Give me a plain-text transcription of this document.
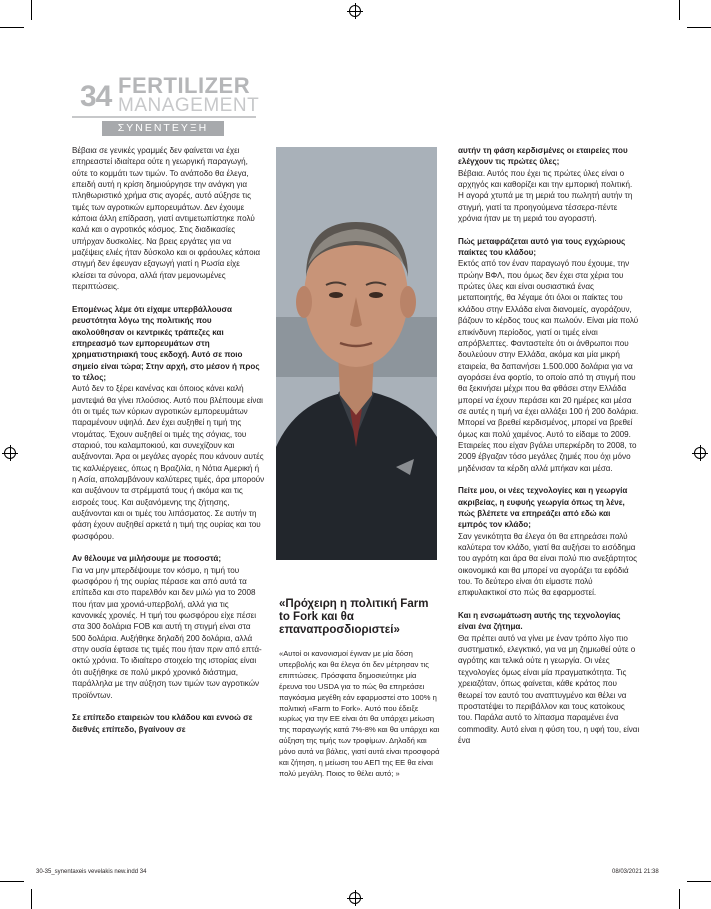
34 FERTILIZER
MANAGEMENT
ΣΥΝΕΝΤΕΥΞΗ

Βέβαια σε γενικές γραμμές δεν φαίνεται να έχει επηρεαστεί ιδιαίτερα ούτε η γεωργική παραγωγή, ούτε το κομμάτι των τιμών. Το ανάποδο θα έλεγα, επειδή αυτή η κρίση δημιούργησε την ανάγκη για πληθωριστικό χρήμα στις αγορές, αυτό αύξησε τις τιμές των αγροτικών εμπορευμάτων. Δεν έχουμε κάποια άλλη επίδραση, γιατί αντιμετωπίστηκε πολύ καλά και ο αγροτικός κόσμος. Στις διαδικασίες υπήρχαν δυσκολίες. Να βρεις εργάτες για να μαζέψεις ελιές ήταν δύσκολο και οι φράουλες κάποια στιγμή δεν έφευγαν εξαγωγή γιατί η Ρωσία είχε κλείσει τα σύνορα, αλλά ήταν μεμονωμένες περιπτώσεις.

Επομένως λέμε ότι είχαμε υπερβάλλουσα ρευστότητα λόγω της πολιτικής που ακολούθησαν οι κεντρικές τράπεζες και επηρεασμό των εμπορευμάτων στη χρηματιστηριακή τους εκδοχή. Αυτό σε ποιο σημείο είναι τώρα; Στην αρχή, στο μέσον ή προς το τέλος;
Αυτό δεν το ξέρει κανένας και όποιος κάνει καλή μαντεψιά θα γίνει πλούσιος. Αυτό που βλέπουμε είναι ότι οι τιμές των κύριων αγροτικών εμπορευμάτων παραμένουν υψηλά. Δεν έχει αυξηθεί η τιμή της ντομάτας. Έχουν αυξηθεί οι τιμές της σόγιας, του σταριού, του καλαμποκιού, και συνεχίζουν και αυξάνονται. Άρα οι μεγάλες αγορές που κάνουν αυτές τις καλλιέργειες, όπως η Βραζιλία, η Νότια Αμερική ή η Ασία, απολαμβάνουν καλύτερες τιμές, άρα μπορούν και αυξάνουν τα στρέμματά τους ή ακόμα και τις εισροές τους. Και αυξανόμενης της ζήτησης, αυξάνονται και οι τιμές του λιπάσματος. Σε αυτήν τη φάση έχουν αυξηθεί αρκετά η τιμή της ουρίας και του φωσφόρου.

Αν θέλουμε να μιλήσουμε με ποσοστά;
Για να μην μπερδέψουμε τον κόσμο, η τιμή του φωσφόρου ή της ουρίας πέρασε και από αυτά τα επίπεδα και στο παρελθόν και δεν μιλώ για το 2008 που ήταν μια χρονιά-υπερβολή, αλλά για τις κανονικές χρονιές. Η τιμή του φωσφόρου είχε πέσει στα 300 δολάρια FOB και αυτή τη στιγμή είναι στα 500 δολάρια. Αυξήθηκε δηλαδή 200 δολάρια, αλλά στην ουσία έφτασε τις τιμές που ήταν πριν από επτά-οκτώ χρόνια. Το ιδιαίτερο στοιχείο της ιστορίας είναι ότι αυξήθηκε σε πολύ μικρό χρονικό διάστημα, παράλληλα με την αύξηση των τιμών των αγροτικών προϊόντων.

Σε επίπεδο εταιρειών του κλάδου και εννοώ σε διεθνές επίπεδο, βγαίνουν σε

«Πρόχειρη η πολιτική Farm to Fork και θα επαναπροσδιοριστεί»
«Αυτοί οι κανονισμοί έγιναν με μία δόση υπερβολής και θα έλεγα ότι δεν μέτρησαν τις επιπτώσεις. Πρόσφατα δημοσιεύτηκε μία έρευνα του USDA για το πώς θα επηρεάσει παγκόσμια μεγέθη εάν εφαρμοστεί στο 100% η πολιτική «Farm to Fork». Αυτό που έδειξε κυρίως για την ΕΕ είναι ότι θα υπάρχει μείωση της παραγωγής κατά 7%-8% και θα υπάρχει και αύξηση της τιμής των τροφίμων. Δηλαδή και μόνο αυτά να βάλεις, γιατί αυτά είναι προσφορά και ζήτηση, η μείωση του ΑΕΠ της ΕΕ θα είναι πολύ μεγάλη. Ποιος το θέλει αυτό; »

αυτήν τη φάση κερδισμένες οι εταιρείες που ελέγχουν τις πρώτες ύλες;
Βέβαια. Αυτός που έχει τις πρώτες ύλες είναι ο αρχηγός και καθορίζει και την εμπορική πολιτική. Η αγορά χτυπά με τη μεριά του πωλητή αυτήν τη στιγμή, γιατί τα προηγούμενα τέσσερα-πέντε χρόνια ήταν με τη μεριά του αγοραστή.

Πώς μεταφράζεται αυτό για τους εγχώριους παίκτες του κλάδου;
Εκτός από τον έναν παραγωγό που έχουμε, την πρώην ΒΦΛ, που όμως δεν έχει στα χέρια του πρώτες ύλες και είναι ουσιαστικά ένας μεταποιητής, θα λέγαμε ότι όλοι οι παίκτες του κλάδου στην Ελλάδα είναι διανομείς, αγοράζουν, βάζουν το κέρδος τους και πωλούν. Είναι μία πολύ επικίνδυνη περίοδος, γιατί οι τιμές είναι απρόβλεπτες. Φανταστείτε ότι οι άνθρωποι που δουλεύουν στην Ελλάδα, ακόμα και μία μικρή εταιρεία, θα δαπανήσει 1.500.000 δολάρια για να αγοράσει ένα φορτίο, το οποίο από τη στιγμή που θα ξεκινήσει μέχρι που θα φθάσει στην Ελλάδα μπορεί να έχουν περάσει και 20 ημέρες και μέσα σε αυτές η τιμή να έχει αλλάξει 100 ή 200 δολάρια. Μπορεί να βρεθεί κερδισμένος, μπορεί να βρεθεί όμως και πολύ χαμένος. Αυτό το είδαμε το 2009. Εταιρείες που είχαν βγάλει υπερκέρδη το 2008, το 2009 έβγαζαν τόσο μεγάλες ζημιές που όχι μόνο μηδένισαν τα κέρδη αλλά μπήκαν και μέσα.

Πείτε μου, οι νέες τεχνολογίες και η γεωργία ακριβείας, η ευφυής γεωργία όπως τη λένε, πώς βλέπετε να επηρεάζει από εδώ και εμπρός τον κλάδο;
Σαν γενικότητα θα έλεγα ότι θα επηρεάσει πολύ καλύτερα τον κλάδο, γιατί θα αυξήσει το εισόδημα του αγρότη και άρα θα είναι πολύ πιο ανεξάρτητος οικονομικά και θα μπορεί να αγοράζει τα εφόδιά του. Το δεύτερο είναι ότι είμαστε πολύ επιφυλακτικοί στο πώς θα εφαρμοστεί.

Και η ενσωμάτωση αυτής της τεχνολογίας είναι ένα ζήτημα.
Θα πρέπει αυτό να γίνει με έναν τρόπο λίγο πιο συστηματικό, ελεγκτικό, για να μη ζημιωθεί ούτε ο αγρότης και τελικά ούτε η γεωργία. Οι νέες τεχνολογίες όμως είναι μία πραγματικότητα. Τις χρειαζόταν, όπως φαίνεται, κάθε κράτος που θεωρεί τον εαυτό του αναπτυγμένο και θέλει να προστατέψει το περιβάλλον και τους κατοίκους του. Παράλα αυτό το λίπασμα παραμένει ένα commodity. Αυτό είναι η φύση του, η υφή του, είναι ένα

30-35_synentaxeis vevelakis new.indd 34	08/03/2021 21:38
